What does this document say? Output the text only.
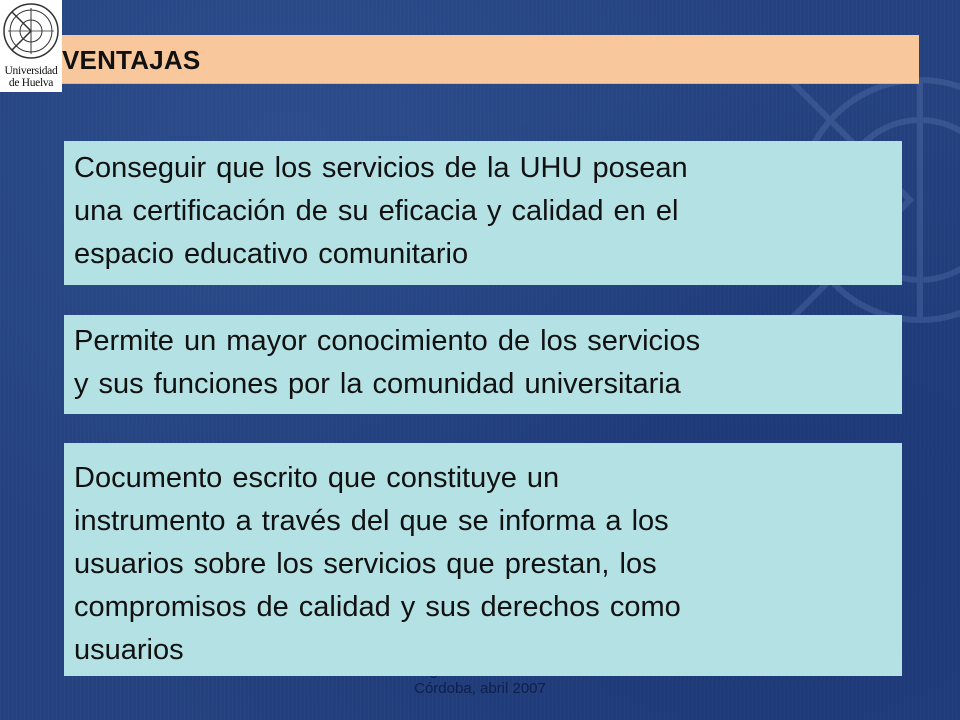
Universidad
de Huelva
VENTAJAS

Conseguir que los servicios de la UHU posean
una certificación de su eficacia y calidad en el
espacio educativo comunitario

Permite un mayor conocimiento de los servicios
y sus funciones por la comunidad universitaria

Córdoba, abril 2007

Documento escrito que constituye un
instrumento a través del que se informa a los
usuarios sobre los servicios que prestan, los
compromisos de calidad y sus derechos como
usuarios
